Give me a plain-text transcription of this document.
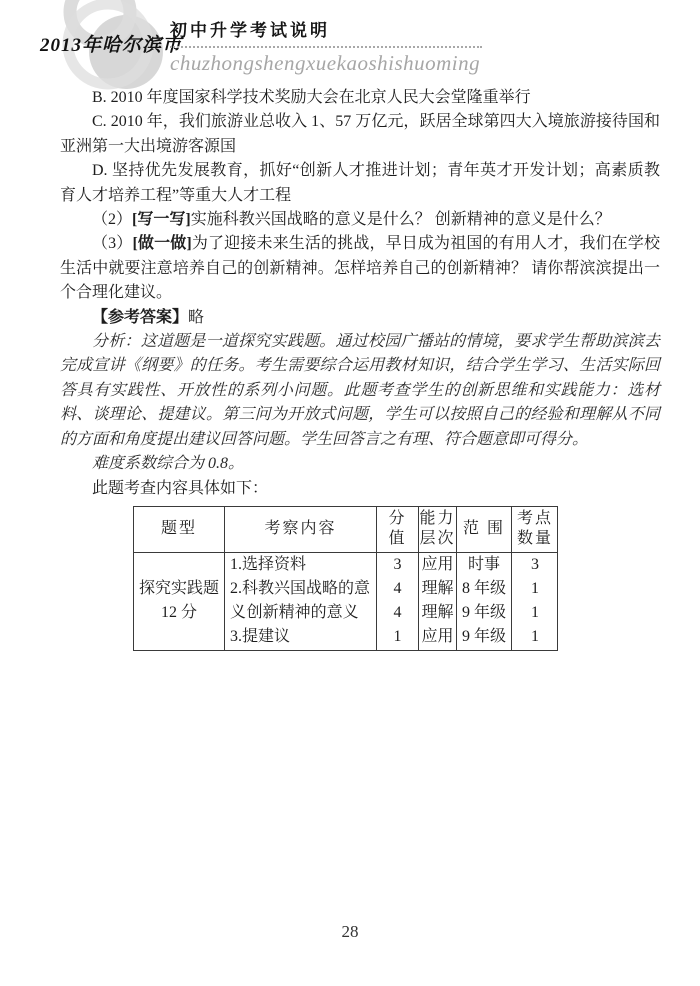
2013年哈尔滨市
初中升学考试说明
chuzhongshengxuekaoshishuoming

B. 2010 年度国家科学技术奖励大会在北京人民大会堂隆重举行

C. 2010 年，我们旅游业总收入 1、57 万亿元，跃居全球第四大入境旅游接待国和亚洲第一大出境游客源国

D. 坚持优先发展教育，抓好“创新人才推进计划；青年英才开发计划；高素质教育人才培养工程”等重大人才工程

（2）[写一写]实施科教兴国战略的意义是什么？ 创新精神的意义是什么？

（3）[做一做]为了迎接未来生活的挑战，早日成为祖国的有用人才，我们在学校生活中就要注意培养自己的创新精神。怎样培养自己的创新精神？ 请你帮滨滨提出一个合理化建议。

【参考答案】略

分析：这道题是一道探究实践题。通过校园广播站的情境，要求学生帮助滨滨去完成宣讲《纲要》的任务。考生需要综合运用教材知识，结合学生学习、生活实际回答具有实践性、开放性的系列小问题。此题考查学生的创新思维和实践能力：选材料、谈理论、提建议。第三问为开放式问题，学生可以按照自己的经验和理解从不同的方面和角度提出建议回答问题。学生回答言之有理、符合题意即可得分。

难度系数综合为 0.8。

此题考查内容具体如下：

题型	考察内容
分 值
能力层次
范 围
考点数量
探究实践题
12 分
1.选择资料
2.科教兴国战略的意义 创新精神的意义
3.提建议
3
4
4
1
应用
理解
理解
应用
时事
8 年级
9 年级
9 年级
3
1
1
1
28
